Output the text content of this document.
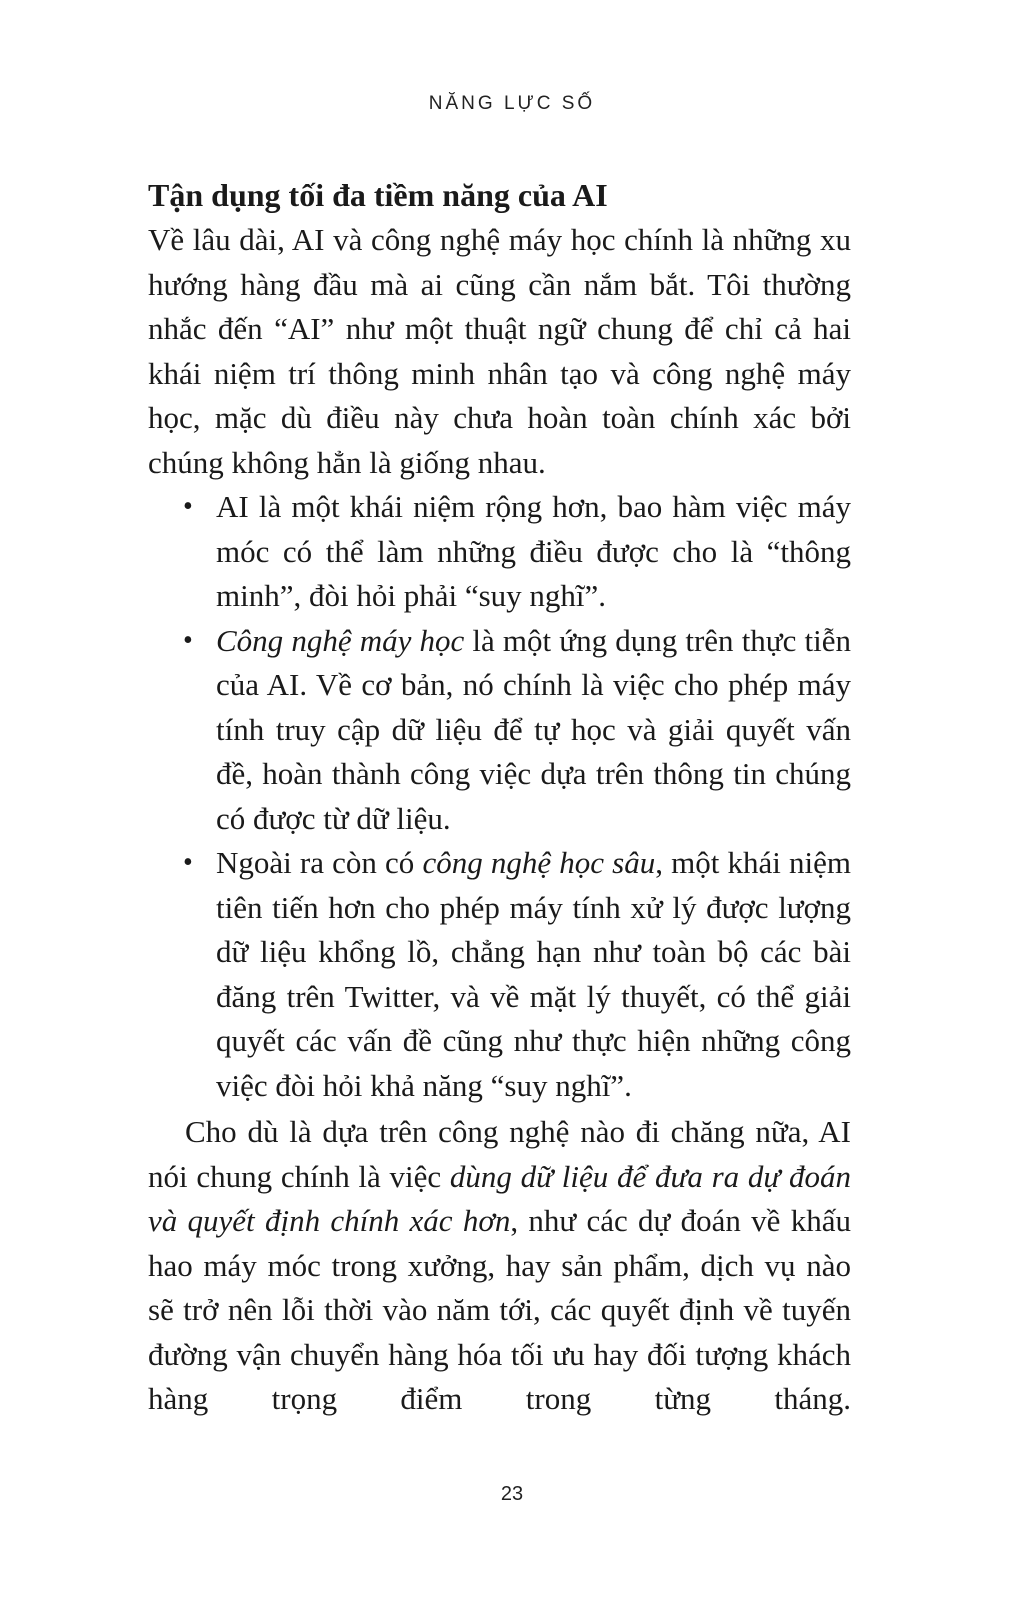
NĂNG LỰC SỐ
Tận dụng tối đa tiềm năng của AI

Về lâu dài, AI và công nghệ máy học chính là những xu hướng hàng đầu mà ai cũng cần nắm bắt. Tôi thường nhắc đến “AI” như một thuật ngữ chung để chỉ cả hai khái niệm trí thông minh nhân tạo và công nghệ máy học, mặc dù điều này chưa hoàn toàn chính xác bởi chúng không hẳn là giống nhau.

• AI là một khái niệm rộng hơn, bao hàm việc máy móc có thể làm những điều được cho là “thông minh”, đòi hỏi phải “suy nghĩ”.
• Công nghệ máy học là một ứng dụng trên thực tiễn của AI. Về cơ bản, nó chính là việc cho phép máy tính truy cập dữ liệu để tự học và giải quyết vấn đề, hoàn thành công việc dựa trên thông tin chúng có được từ dữ liệu.
• Ngoài ra còn có công nghệ học sâu, một khái niệm tiên tiến hơn cho phép máy tính xử lý được lượng dữ liệu khổng lồ, chẳng hạn như toàn bộ các bài đăng trên Twitter, và về mặt lý thuyết, có thể giải quyết các vấn đề cũng như thực hiện những công việc đòi hỏi khả năng “suy nghĩ”.

Cho dù là dựa trên công nghệ nào đi chăng nữa, AI nói chung chính là việc dùng dữ liệu để đưa ra dự đoán và quyết định chính xác hơn, như các dự đoán về khấu hao máy móc trong xưởng, hay sản phẩm, dịch vụ nào sẽ trở nên lỗi thời vào năm tới, các quyết định về tuyến đường vận chuyển hàng hóa tối ưu hay đối tượng khách hàng trọng điểm trong từng tháng.

23
